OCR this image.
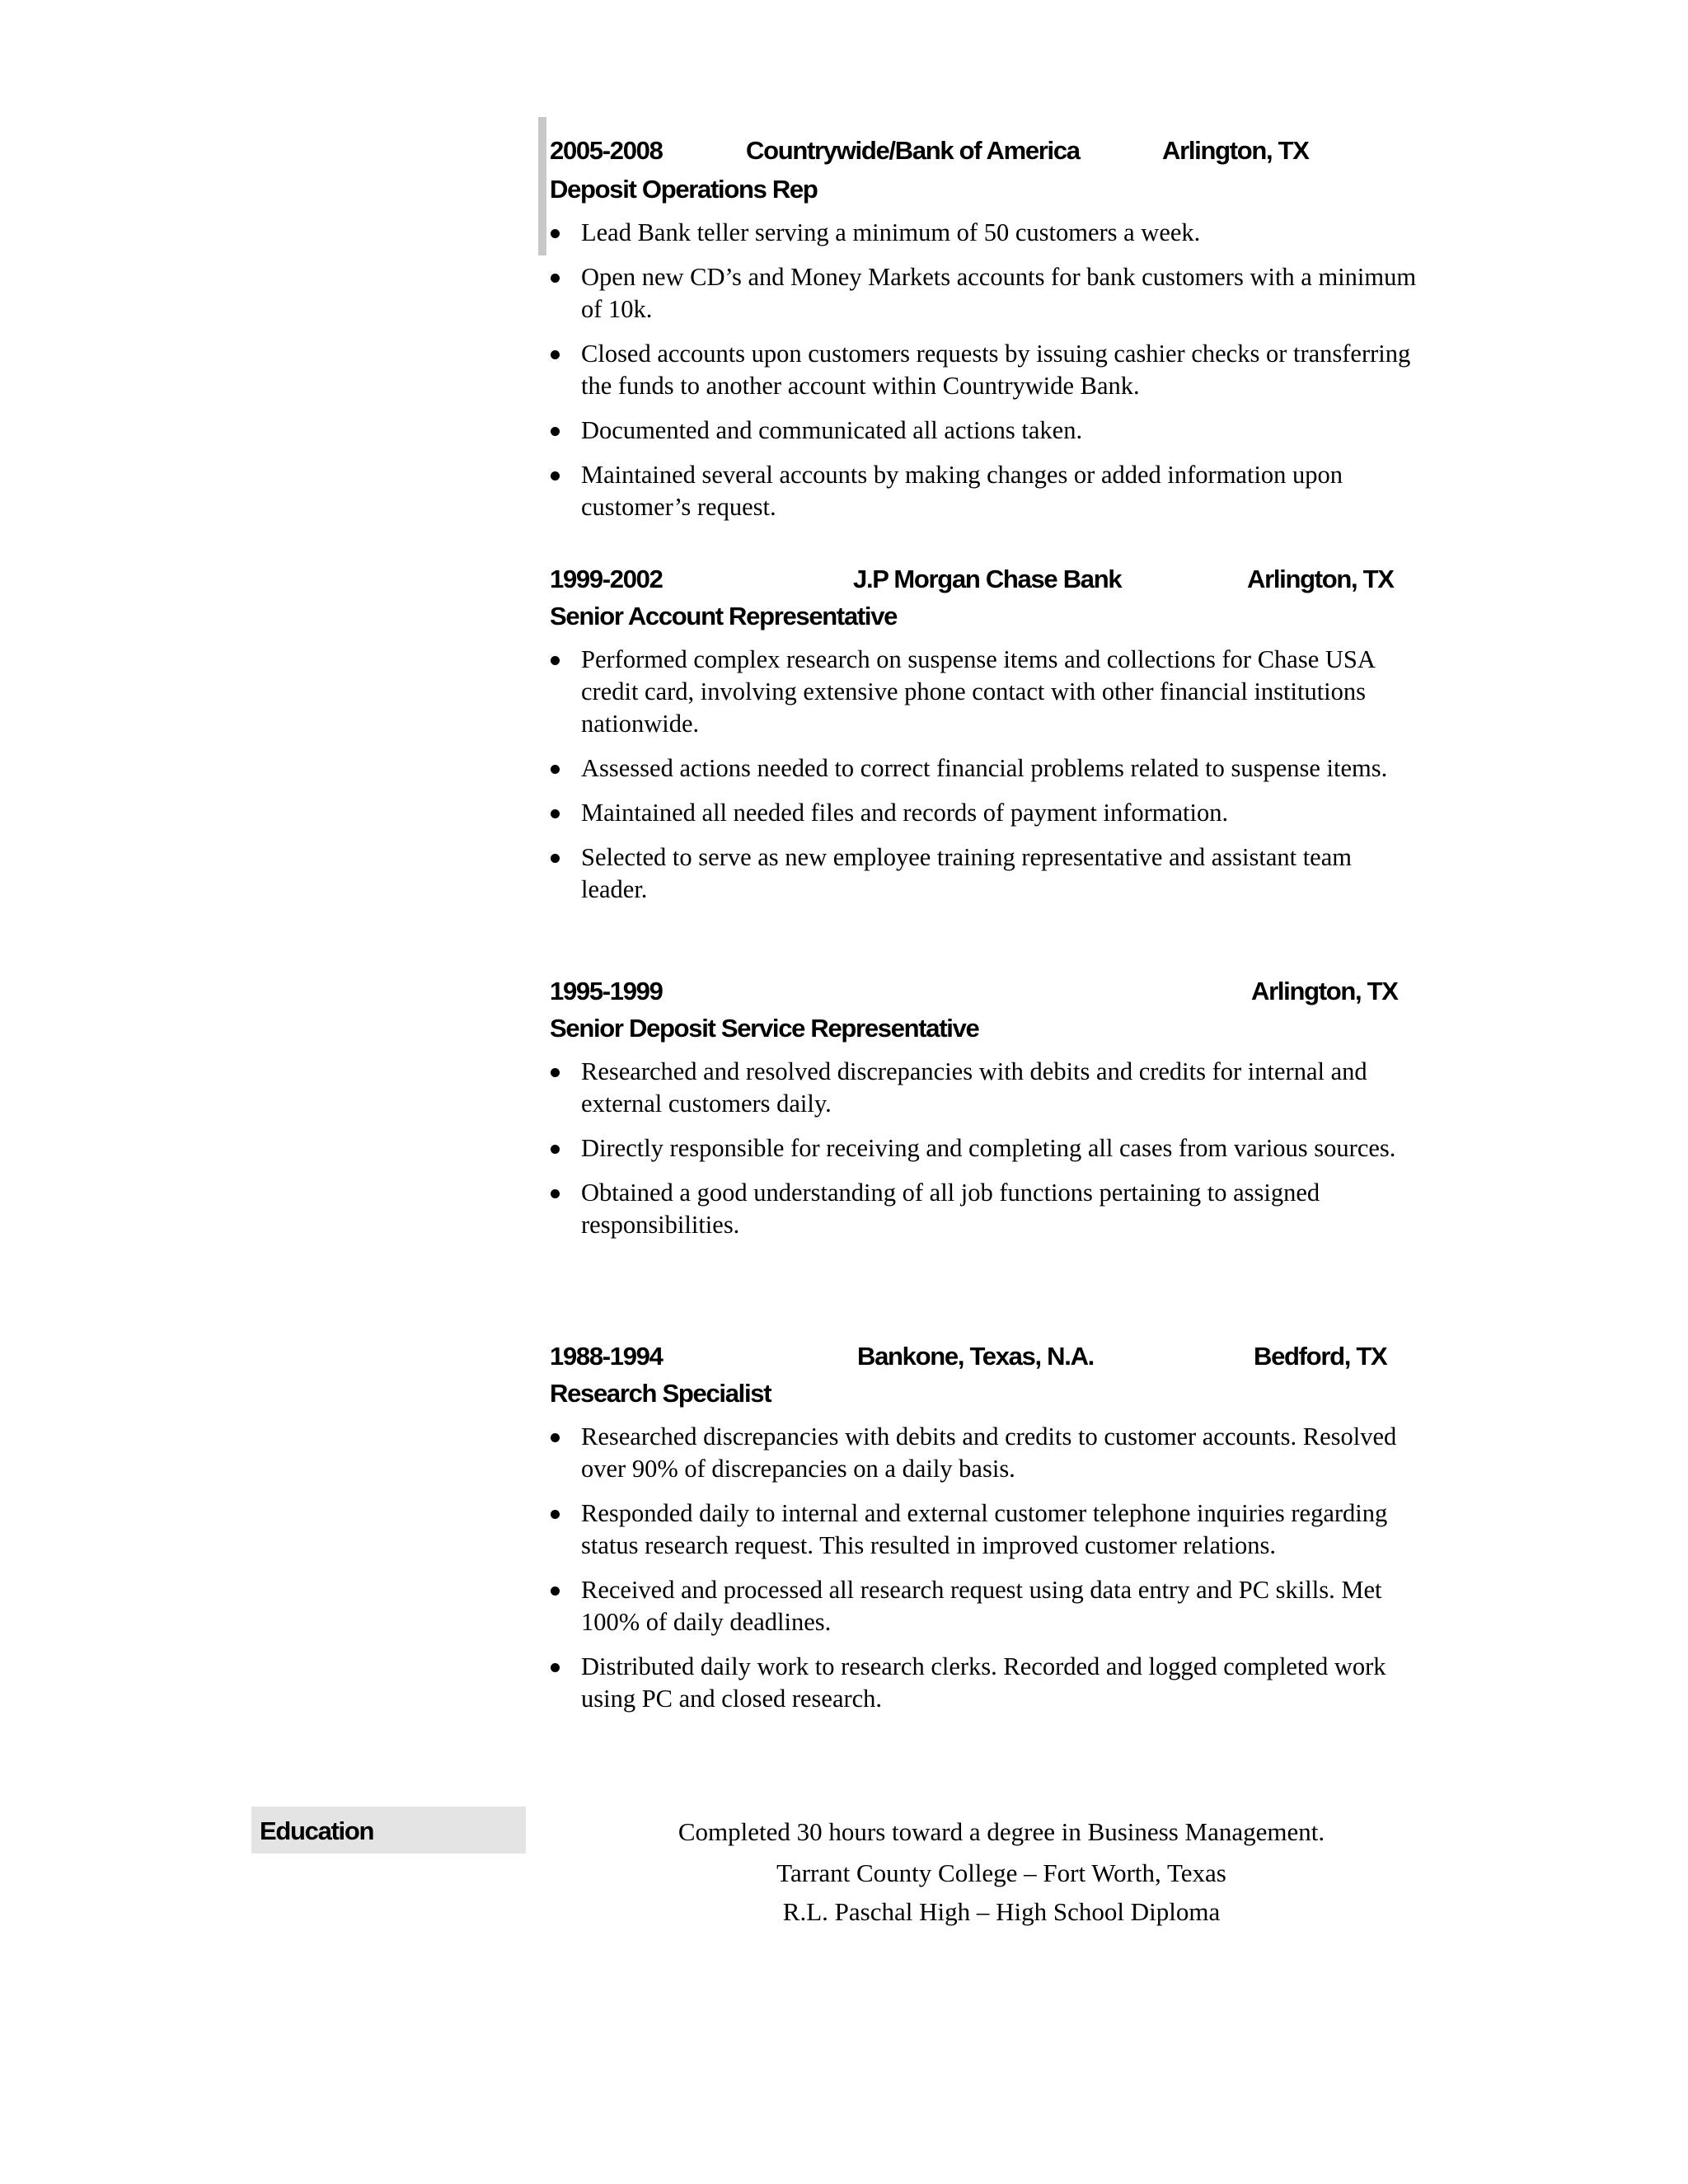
2005-2008	Countrywide/Bank of America	Arlington, TX
Deposit Operations Rep
Lead Bank teller serving a minimum of 50 customers a week.
Open new CD’s and Money Markets accounts for bank customers with a minimum of 10k.
Closed accounts upon customers requests by issuing cashier checks or transferring the funds to another account within Countrywide Bank.
Documented and communicated all actions taken.
Maintained several accounts by making changes or added information upon customer’s request.
1999-2002	J.P Morgan Chase Bank	Arlington, TX
Senior Account Representative
Performed complex research on suspense items and collections for Chase USA credit card, involving extensive phone contact with other financial institutions nationwide.
Assessed actions needed to correct financial problems related to suspense items.
Maintained all needed files and records of payment information.
Selected to serve as new employee training representative and assistant team leader.
1995-1999	Arlington, TX
Senior Deposit Service Representative
Researched and resolved discrepancies with debits and credits for internal and external customers daily.
Directly responsible for receiving and completing all cases from various sources.
Obtained a good understanding of all job functions pertaining to assigned responsibilities.
1988-1994	Bankone, Texas, N.A.	Bedford, TX
Research Specialist
Researched discrepancies with debits and credits to customer accounts. Resolved over 90% of discrepancies on a daily basis.
Responded daily to internal and external customer telephone inquiries regarding status research request. This resulted in improved customer relations.
Received and processed all research request using data entry and PC skills. Met 100% of daily deadlines.
Distributed daily work to research clerks. Recorded and logged completed work using PC and closed research.
Education	Completed 30 hours toward a degree in Business Management.
Tarrant County College – Fort Worth, Texas
R.L. Paschal High – High School Diploma
